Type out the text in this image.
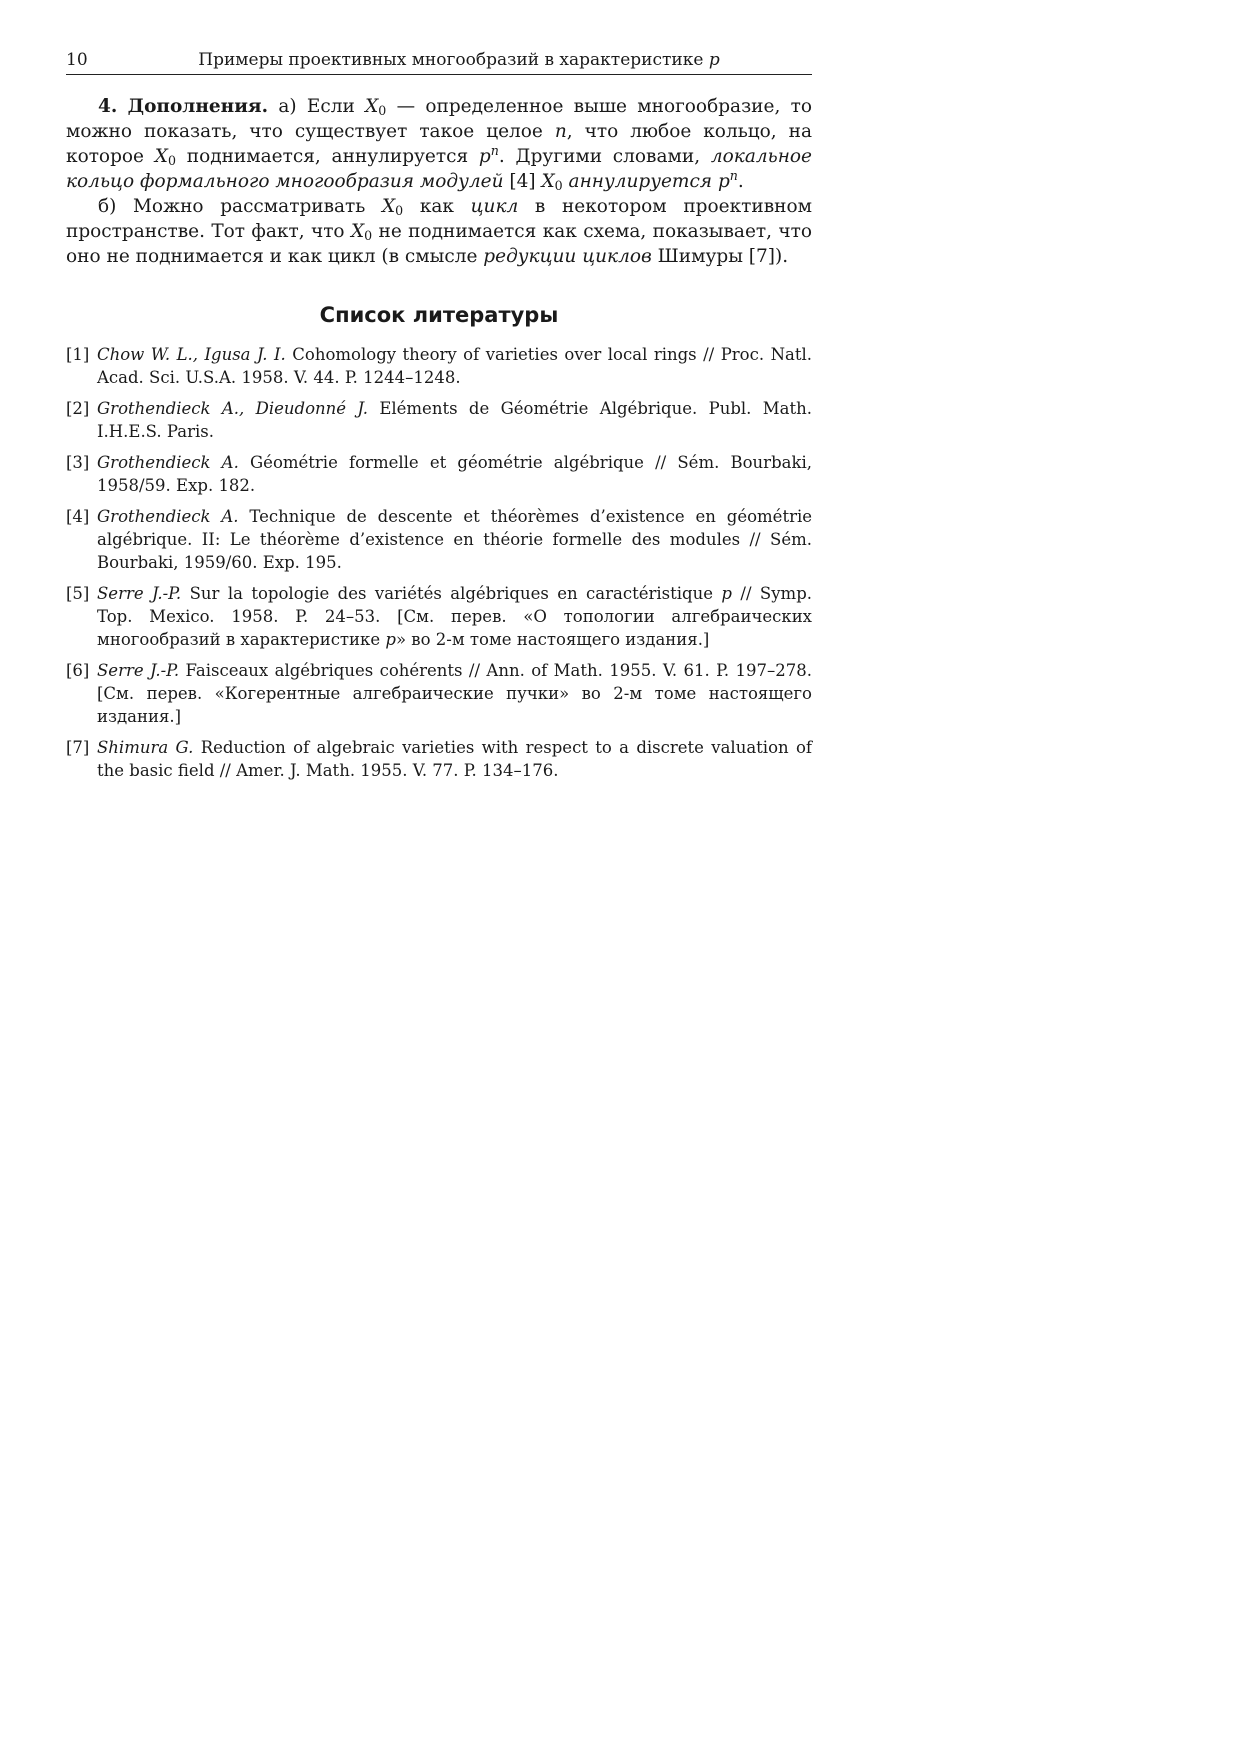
10	Примеры проективных многообразий в характеристике p

4. Дополнения. а) Если $X_0$ — определенное выше многообразие, то можно показать, что существует такое целое n, что любое кольцо, на которое $X_0$ поднимается, аннулируется $p^n$. Другими словами, локальное кольцо формального многообразия модулей [4] $X_0$ аннулируется $p^n$.

б) Можно рассматривать $X_0$ как цикл в некотором проективном пространстве. Тот факт, что $X_0$ не поднимается как схема, показывает, что оно не поднимается и как цикл (в смысле редукции циклов Шимуры [7]).

Список литературы
[1] Chow W. L., Igusa J. I. Cohomology theory of varieties over local rings // Proc. Natl. Acad. Sci. U.S.A. 1958. V. 44. P. 1244–1248.
[2] Grothendieck A., Dieudonné J. Eléments de Géométrie Algébrique. Publ. Math. I.H.E.S. Paris.
[3] Grothendieck A. Géométrie formelle et géométrie algébrique // Sém. Bourbaki, 1958/59. Exp. 182.
[4] Grothendieck A. Technique de descente et théorèmes d’existence en géométrie algébrique. II: Le théorème d’existence en théorie formelle des modules // Sém. Bourbaki, 1959/60. Exp. 195.
[5] Serre J.-P. Sur la topologie des variétés algébriques en caractéristique p // Symp. Top. Mexico. 1958. P. 24–53. [См. перев. «О топологии алгебраических многообразий в характеристике p» во 2-м томе настоящего издания.]
[6] Serre J.-P. Faisceaux algébriques cohérents // Ann. of Math. 1955. V. 61. P. 197–278. [См. перев. «Когерентные алгебраические пучки» во 2-м томе настоящего издания.]
[7] Shimura G. Reduction of algebraic varieties with respect to a discrete valuation of the basic field // Amer. J. Math. 1955. V. 77. P. 134–176.
